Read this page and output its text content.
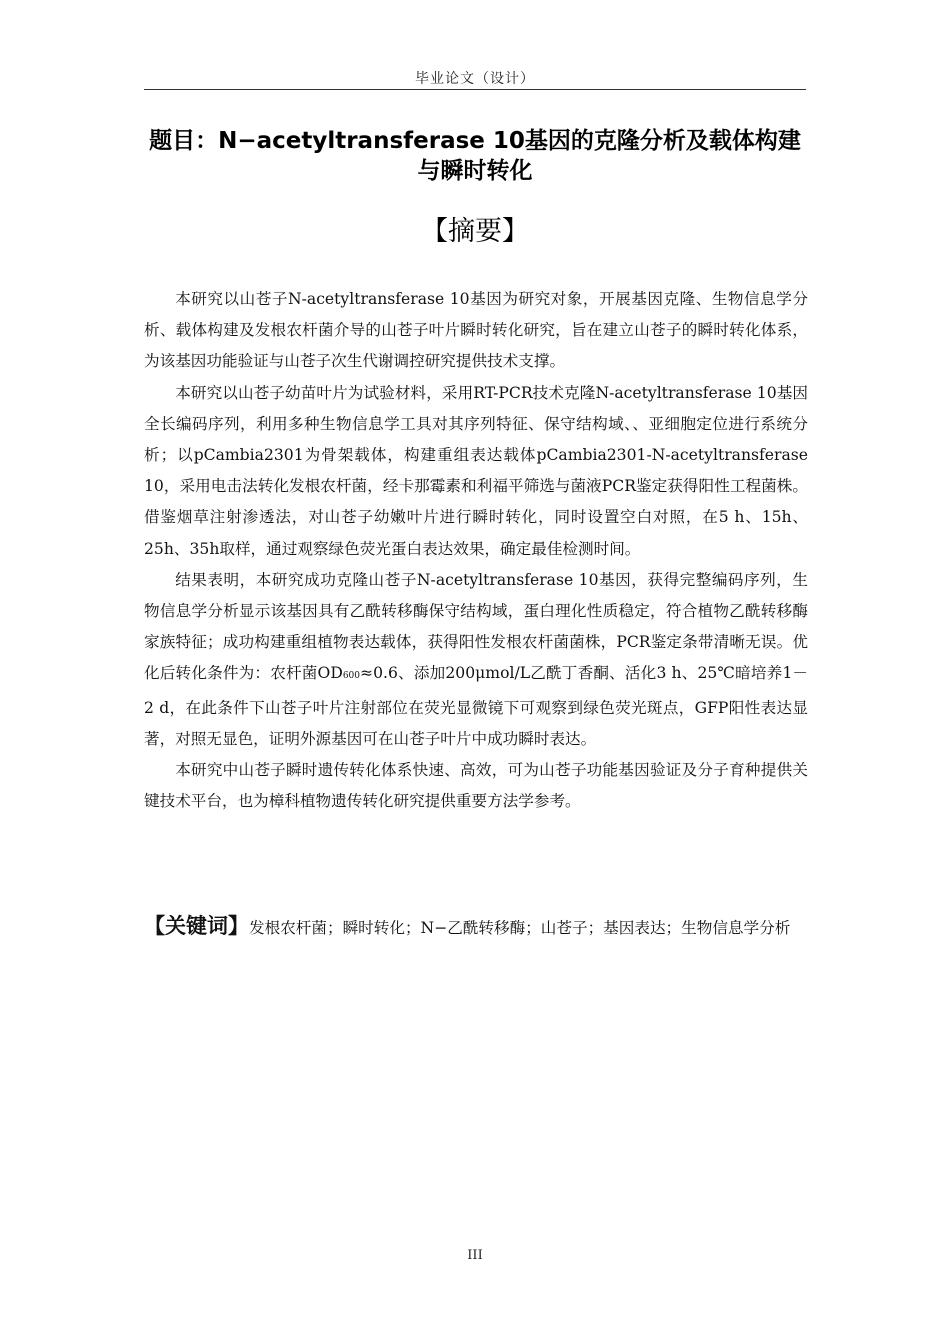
毕业论文（设计）
题目：N−acetyltransferase 10基因的克隆分析及载体构建
与瞬时转化
【摘要】

本研究以山苍子N-acetyltransferase 10基因为研究对象，开展基因克隆、生物信息学分析、载体构建及发根农杆菌介导的山苍子叶片瞬时转化研究，旨在建立山苍子的瞬时转化体系，为该基因功能验证与山苍子次生代谢调控研究提供技术支撑。

本研究以山苍子幼苗叶片为试验材料，采用RT-PCR技术克隆N-acetyltransferase 10基因全长编码序列，利用多种生物信息学工具对其序列特征、保守结构域、、亚细胞定位进行系统分析；以pCambia2301为骨架载体，构建重组表达载体pCambia2301-N-acetyltransferase 10，采用电击法转化发根农杆菌，经卡那霉素和利福平筛选与菌液PCR鉴定获得阳性工程菌株。借鉴烟草注射渗透法，对山苍子幼嫩叶片进行瞬时转化，同时设置空白对照，在5 h、15h、25h、35h取样，通过观察绿色荧光蛋白表达效果，确定最佳检测时间。

结果表明，本研究成功克隆山苍子N-acetyltransferase 10基因，获得完整编码序列，生物信息学分析显示该基因具有乙酰转移酶保守结构域，蛋白理化性质稳定，符合植物乙酰转移酶家族特征；成功构建重组植物表达载体，获得阳性发根农杆菌菌株，PCR鉴定条带清晰无误。优化后转化条件为：农杆菌OD600≈0.6、添加200μmol/L乙酰丁香酮、活化3 h、25℃暗培养1－2 d，在此条件下山苍子叶片注射部位在荧光显微镜下可观察到绿色荧光斑点，GFP阳性表达显著，对照无显色，证明外源基因可在山苍子叶片中成功瞬时表达。

本研究中山苍子瞬时遗传转化体系快速、高效，可为山苍子功能基因验证及分子育种提供关键技术平台，也为樟科植物遗传转化研究提供重要方法学参考。

【关键词】发根农杆菌；瞬时转化；N−乙酰转移酶；山苍子；基因表达；生物信息学分析
III
